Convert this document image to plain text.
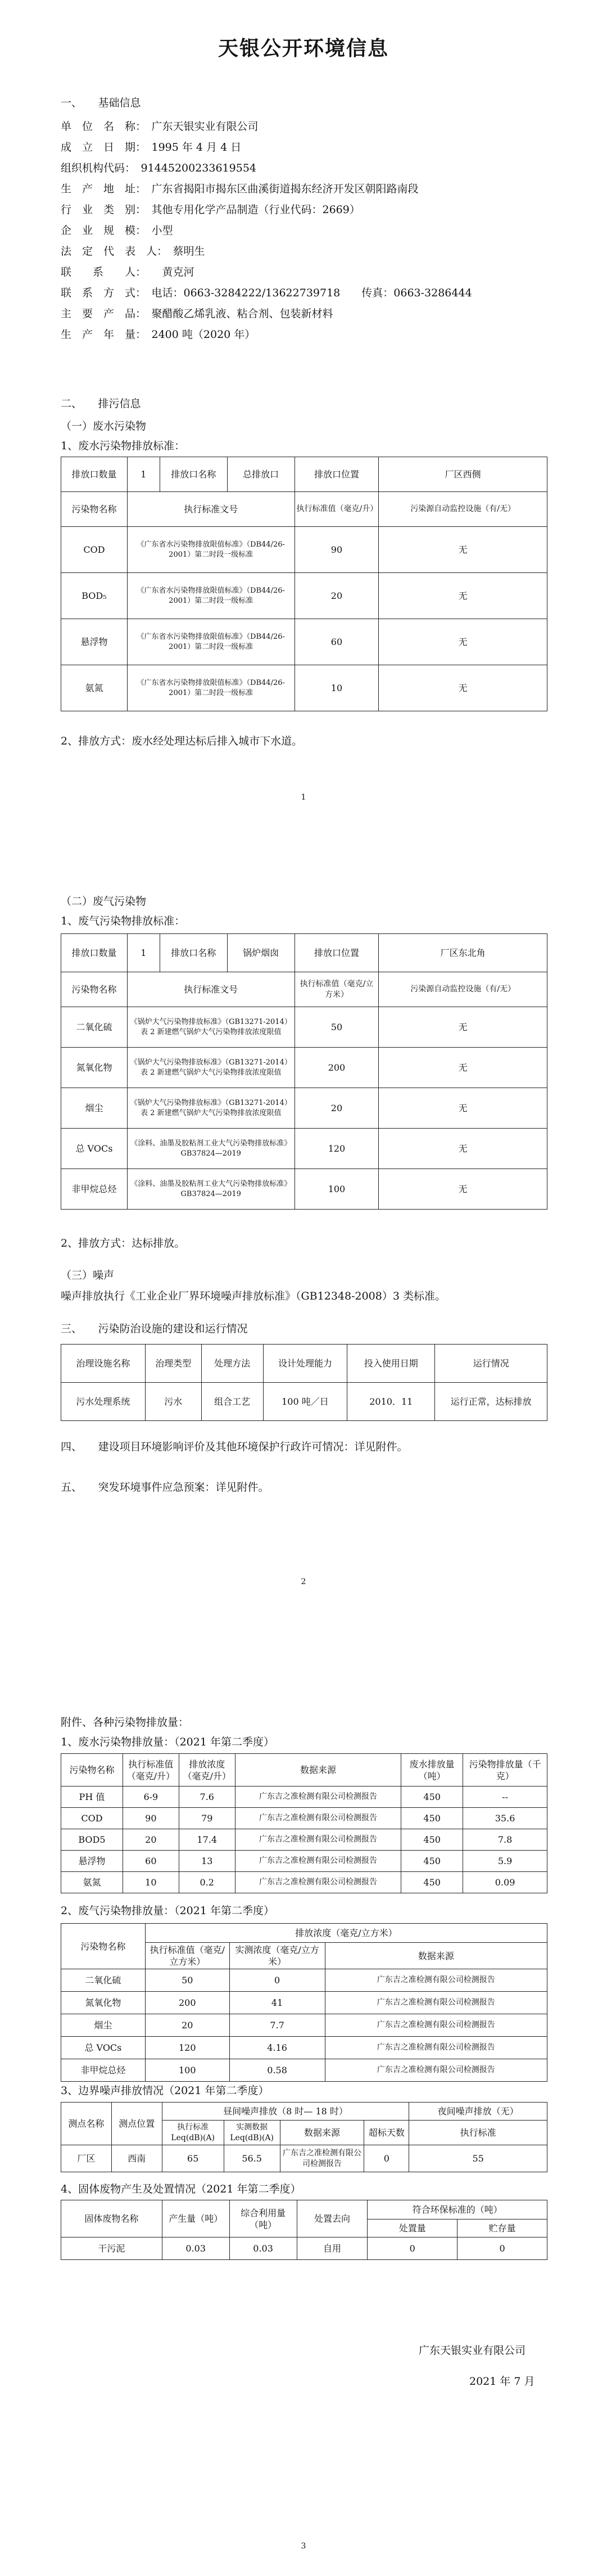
天银公开环境信息
一、　　基础信息
单　位　名　称：　广东天银实业有限公司
成　立　日　期：　1995 年 4 月 4 日
组织机构代码：　91445200233619554
生　产　地　址：　广东省揭阳市揭东区曲溪街道揭东经济开发区朝阳路南段
行　业　类　别：　其他专用化学产品制造（行业代码：2669）
企　业　规　模：　小型
法　定　代　表　人：　蔡明生
联　　系　　人：　　黄克河
联　系　方　式：　电话：0663-3284222/13622739718　　传真：0663-3286444
主　要　产　品：　聚醋酸乙烯乳液、粘合剂、包装新材料
生　产　年　量：　2400 吨（2020 年）
二、　　排污信息
（一）废水污染物
1、废水污染物排放标准：
排放口数量	1	排放口名称	总排放口	排放口位置	厂区西侧
污染物名称	执行标准文号			执行标准值（毫克/升）	污染源自动监控设施（有/无）
COD	《广东省水污染物排放限值标准》（DB44/26-2001）第二时段一级标准			90	无
BOD₅	《广东省水污染物排放限值标准》（DB44/26-2001）第二时段一级标准			20	无
悬浮物	《广东省水污染物排放限值标准》（DB44/26-2001）第二时段一级标准			60	无
氨氮	《广东省水污染物排放限值标准》（DB44/26-2001）第二时段一级标准			10	无
2、排放方式：废水经处理达标后排入城市下水道。
1
（二）废气污染物
1、废气污染物排放标准：
排放口数量	1	排放口名称	锅炉烟囱	排放口位置	厂区东北角
污染物名称	执行标准文号			执行标准值（毫克/立方米）	污染源自动监控设施（有/无）
二氧化硫	《锅炉大气污染物排放标准》（GB13271-2014）表 2 新建燃气锅炉大气污染物排放浓度限值			50	无
氮氧化物	《锅炉大气污染物排放标准》（GB13271-2014）表 2 新建燃气锅炉大气污染物排放浓度限值			200	无
烟尘	《锅炉大气污染物排放标准》（GB13271-2014）表 2 新建燃气锅炉大气污染物排放浓度限值			20	无
总 VOCs	《涂料、油墨及胶粘剂工业大气污染物排放标准》GB37824—2019			120	无
非甲烷总烃	《涂料、油墨及胶粘剂工业大气污染物排放标准》GB37824—2019			100	无
2、排放方式：达标排放。
（三）噪声
噪声排放执行《工业企业厂界环境噪声排放标准》（GB12348-2008）3 类标准。
三、　　污染防治设施的建设和运行情况
治理设施名称	治理类型	处理方法	设计处理能力	投入使用日期	运行情况
污水处理系统	污水	组合工艺	100 吨／日	2010．11	运行正常，达标排放
四、　　建设项目环境影响评价及其他环境保护行政许可情况：详见附件。
五、　　突发环境事件应急预案：详见附件。
2
附件、各种污染物排放量：
1、废水污染物排放量：（2021 年第二季度）
污染物名称	执行标准值（毫克/升）	排放浓度（毫克/升）	数据来源	废水排放量（吨）	污染物排放量（千克）
PH 值	6-9	7.6	广东吉之准检测有限公司检测报告	450	--
COD	90	79	广东吉之准检测有限公司检测报告	450	35.6
BOD5	20	17.4	广东吉之准检测有限公司检测报告	450	7.8
悬浮物	60	13	广东吉之准检测有限公司检测报告	450	5.9
氨氮	10	0.2	广东吉之准检测有限公司检测报告	450	0.09
2、废气污染物排放量：（2021 年第二季度）
污染物名称	排放浓度（毫克/立方米）		
	执行标准值（毫克/立方米）	实测浓度（毫克/立方米）	数据来源
二氧化硫	50	0	广东吉之准检测有限公司检测报告
氮氧化物	200	41	广东吉之准检测有限公司检测报告
烟尘	20	7.7	广东吉之准检测有限公司检测报告
总 VOCs	120	4.16	广东吉之准检测有限公司检测报告
非甲烷总烃	100	0.58	广东吉之准检测有限公司检测报告
3、边界噪声排放情况（2021 年第二季度）
测点名称	测点位置	昼间噪声排放（8 时— 18 时）				夜间噪声排放（无）
		执行标准 Leq(dB)(A)	实测数据 Leq(dB)(A)	数据来源	超标天数	执行标准
厂区	西南	65	56.5	广东吉之准检测有限公司检测报告	0	55
4、固体废物产生及处置情况（2021 年第二季度）
固体废物名称	产生量（吨）	综合利用量（吨）	处置去向	符合环保标准的（吨）	
				处置量	贮存量
干污泥	0.03	0.03	自用	0	0
广东天银实业有限公司
2021 年 7 月
3
